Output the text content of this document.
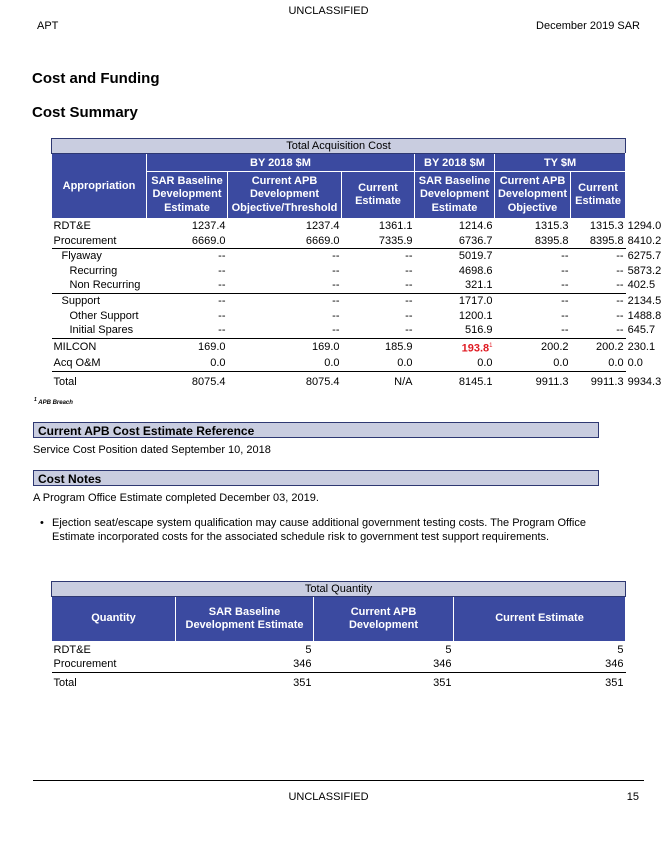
UNCLASSIFIED
APT	December 2019 SAR
Cost and Funding
Cost Summary
Total Acquisition Cost							
Appropriation	BY 2018 $M			BY 2018 $M	TY $M		
	SAR Baseline Development Estimate	Current APB Development Objective/Threshold	Current Estimate	SAR Baseline Development Estimate	Current APB Development Objective	Current Estimate	
RDT&E	1237.4	1237.4	1361.1	1214.6	1315.3	1315.3	1294.0
Procurement	6669.0	6669.0	7335.9	6736.7	8395.8	8395.8	8410.2
Flyaway	--	--	--	5019.7	--	--	6275.7
Recurring	--	--	--	4698.6	--	--	5873.2
Non Recurring	--	--	--	321.1	--	--	402.5
Support	--	--	--	1717.0	--	--	2134.5
Other Support	--	--	--	1200.1	--	--	1488.8
Initial Spares	--	--	--	516.9	--	--	645.7
MILCON	169.0	169.0	185.9	193.8$^1$	200.2	200.2	230.1
Acq O&M	0.0	0.0	0.0	0.0	0.0	0.0	0.0
Total	8075.4	8075.4	N/A	8145.1	9911.3	9911.3	9934.3
$^1$ APB Breach
Current APB Cost Estimate Reference
Service Cost Position dated September 10, 2018
Cost Notes
A Program Office Estimate completed December 03, 2019.
• Ejection seat/escape system qualification may cause additional government testing costs. The Program Office Estimate incorporated costs for the associated schedule risk to government test support requirements.
Total Quantity			
Quantity	SAR Baseline Development Estimate	Current APB Development	Current Estimate
RDT&E	5	5	5
Procurement	346	346	346
Total	351	351	351
UNCLASSIFIED	15
